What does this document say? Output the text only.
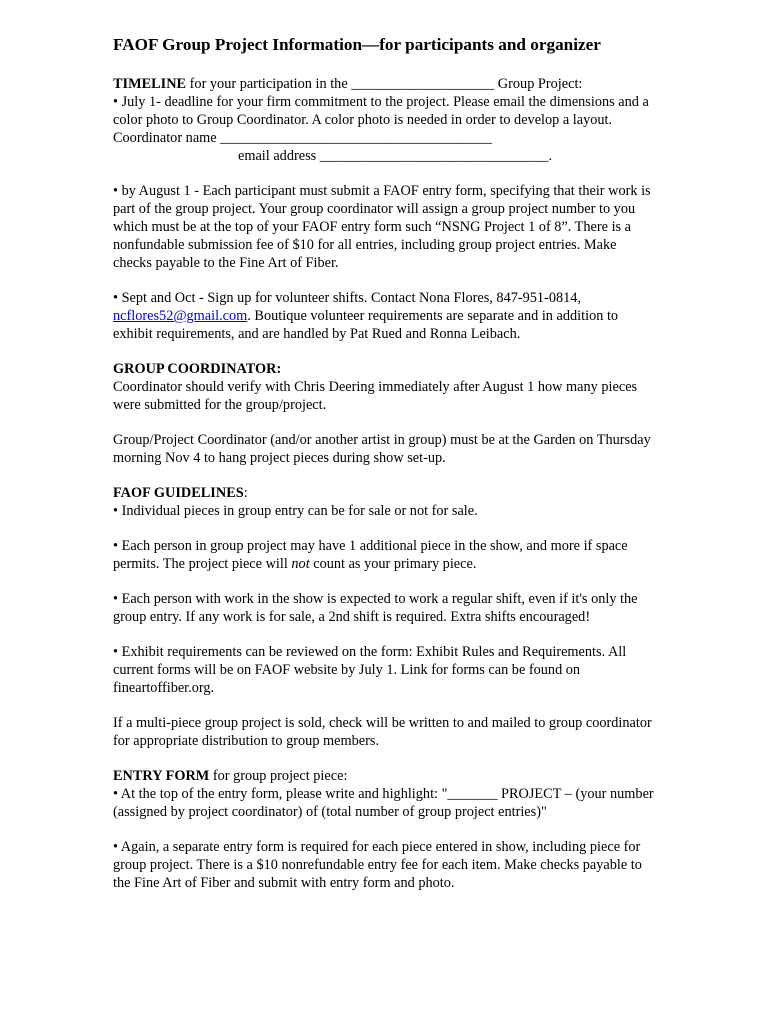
FAOF Group Project Information—for participants and organizer

TIMELINE for your participation in the ____________________ Group Project:
• July 1- deadline for your firm commitment to the project. Please email the dimensions and a color photo to Group Coordinator. A color photo is needed in order to develop a layout. Coordinator name ______________________________________
email address ________________________________.

• by August 1 - Each participant must submit a FAOF entry form, specifying that their work is part of the group project. Your group coordinator will assign a group project number to you which must be at the top of your FAOF entry form such “NSNG Project 1 of 8”. There is a nonfundable submission fee of $10 for all entries, including group project entries. Make checks payable to the Fine Art of Fiber.

• Sept and Oct - Sign up for volunteer shifts. Contact Nona Flores, 847-951-0814, ncflores52@gmail.com. Boutique volunteer requirements are separate and in addition to exhibit requirements, and are handled by Pat Rued and Ronna Leibach.

GROUP COORDINATOR:
Coordinator should verify with Chris Deering immediately after August 1 how many pieces were submitted for the group/project.

Group/Project Coordinator (and/or another artist in group) must be at the Garden on Thursday morning Nov 4 to hang project pieces during show set-up.

FAOF GUIDELINES:
• Individual pieces in group entry can be for sale or not for sale.

• Each person in group project may have 1 additional piece in the show, and more if space permits. The project piece will not count as your primary piece.

• Each person with work in the show is expected to work a regular shift, even if it's only the group entry. If any work is for sale, a 2nd shift is required. Extra shifts encouraged!

• Exhibit requirements can be reviewed on the form: Exhibit Rules and Requirements. All current forms will be on FAOF website by July 1. Link for forms can be found on fineartoffiber.org.

If a multi-piece group project is sold, check will be written to and mailed to group coordinator for appropriate distribution to group members.

ENTRY FORM for group project piece:
• At the top of the entry form, please write and highlight: "_______ PROJECT – (your number (assigned by project coordinator) of (total number of group project entries)"

• Again, a separate entry form is required for each piece entered in show, including piece for group project. There is a $10 nonrefundable entry fee for each item. Make checks payable to the Fine Art of Fiber and submit with entry form and photo.
